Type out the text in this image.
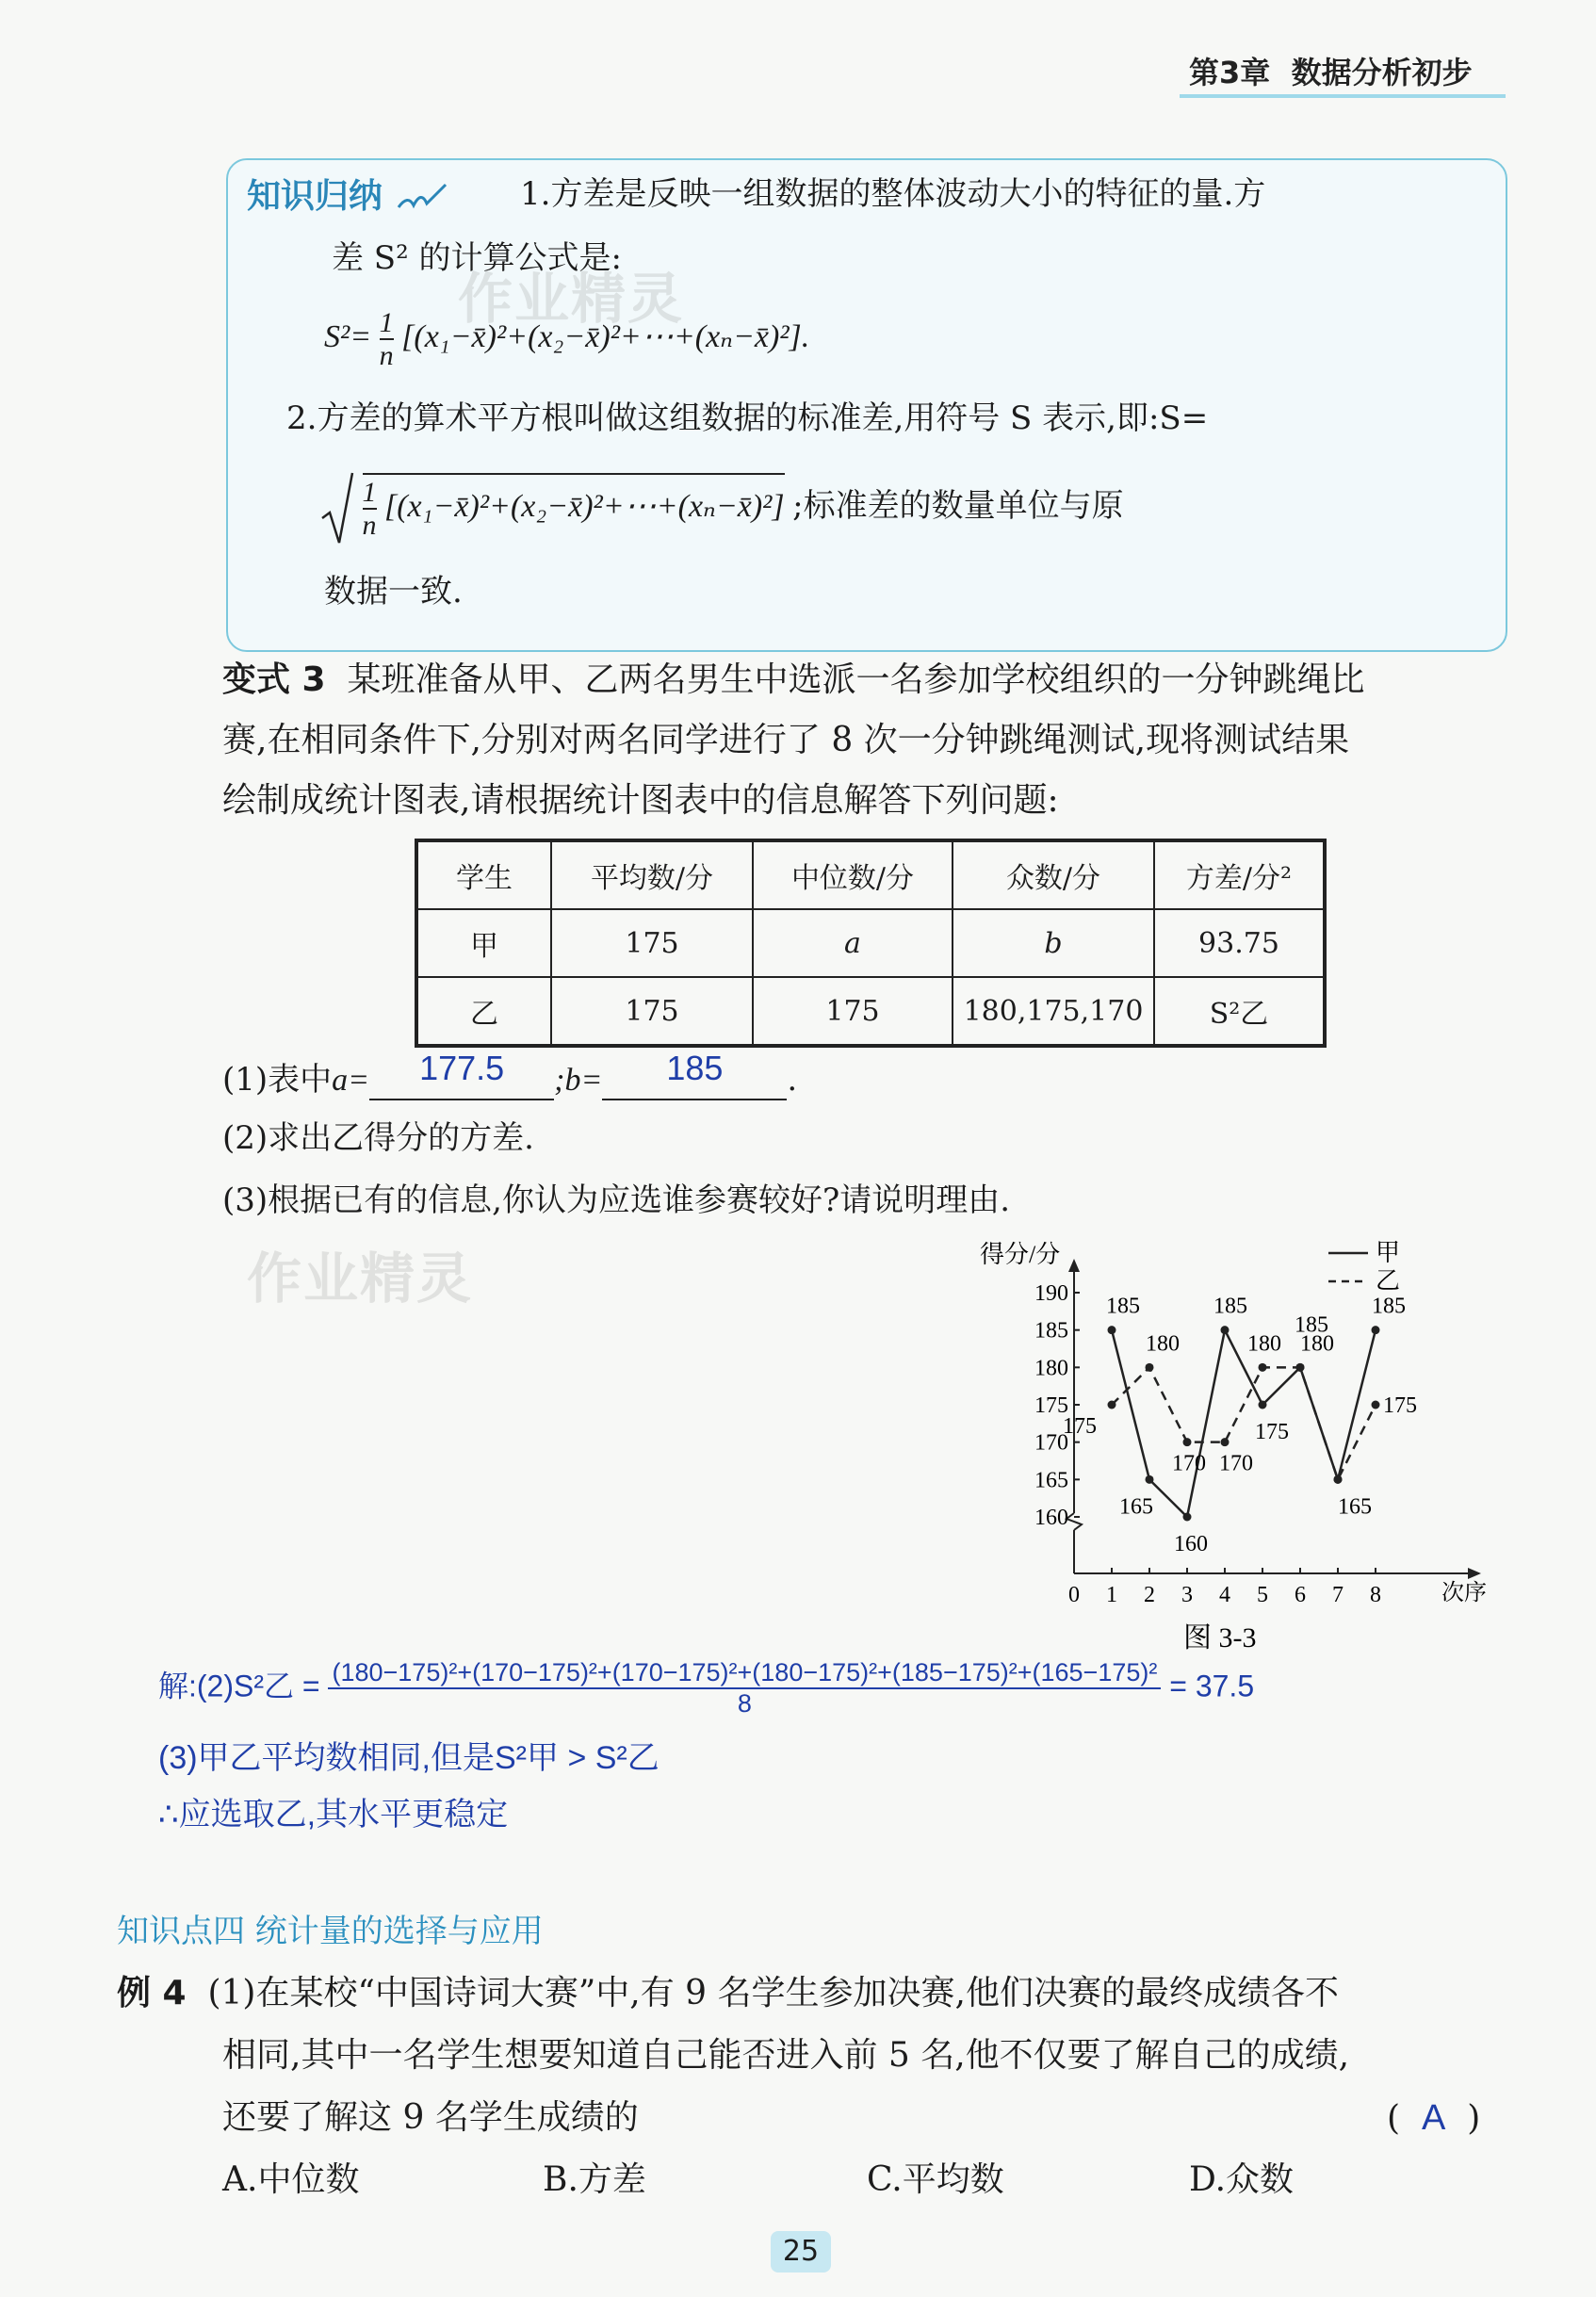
第3章 数据分析初步
知识归纳	1.方差是反映一组数据的整体波动大小的特征的量.方
差 S² 的计算公式是:
$S^2= \frac{1}{n}$ [(x₁−x̄)²+(x₂−x̄)²+⋯+(xₙ−x̄)²].
2.方差的算术平方根叫做这组数据的标准差,用符号 S 表示,即:S=

$\frac{1}{n}$ [(x₁−x̄)²+(x₂−x̄)²+⋯+(xₙ−x̄)²] ;标准差的数量单位与原
数据一致.
作业精灵
作业精灵
变式 3 某班准备从甲、乙两名男生中选派一名参加学校组织的一分钟跳绳比
赛,在相同条件下,分别对两名同学进行了 8 次一分钟跳绳测试,现将测试结果
绘制成统计图表,请根据统计图表中的信息解答下列问题:
学生	平均数/分	中位数/分	众数/分	方差/分²
甲	175	a	b	93.75
乙	175	175	180,175,170	S²乙
(1)表中a=	177.5	;b=	185	.
(2)求出乙得分的方差.
(3)根据已有的信息,你认为应选谁参赛较好?请说明理由.
得分/分
次序
图 3-3
160
165
170
175
180
185
190
0 1 2 3 4 5 6 7 8
185
165
160
185
175
180
165
185
175
180
170 170
180
185
175
甲
乙
解:(2)S²乙 = (180−175)²+(170−175)²+(170−175)²+(180−175)²+(185−175)²+(165−175)²
8
= 37.5
(3)甲乙平均数相同,但是S²甲 > S²乙
∴应选取乙,其水平更稳定
知识点四 统计量的选择与应用
例 4 (1)在某校“中国诗词大赛”中,有 9 名学生参加决赛,他们决赛的最终成绩各不
相同,其中一名学生想要知道自己能否进入前 5 名,他不仅要了解自己的成绩,
还要了解这 9 名学生成绩的	( A )
A.中位数	B.方差	C.平均数	D.众数
25
